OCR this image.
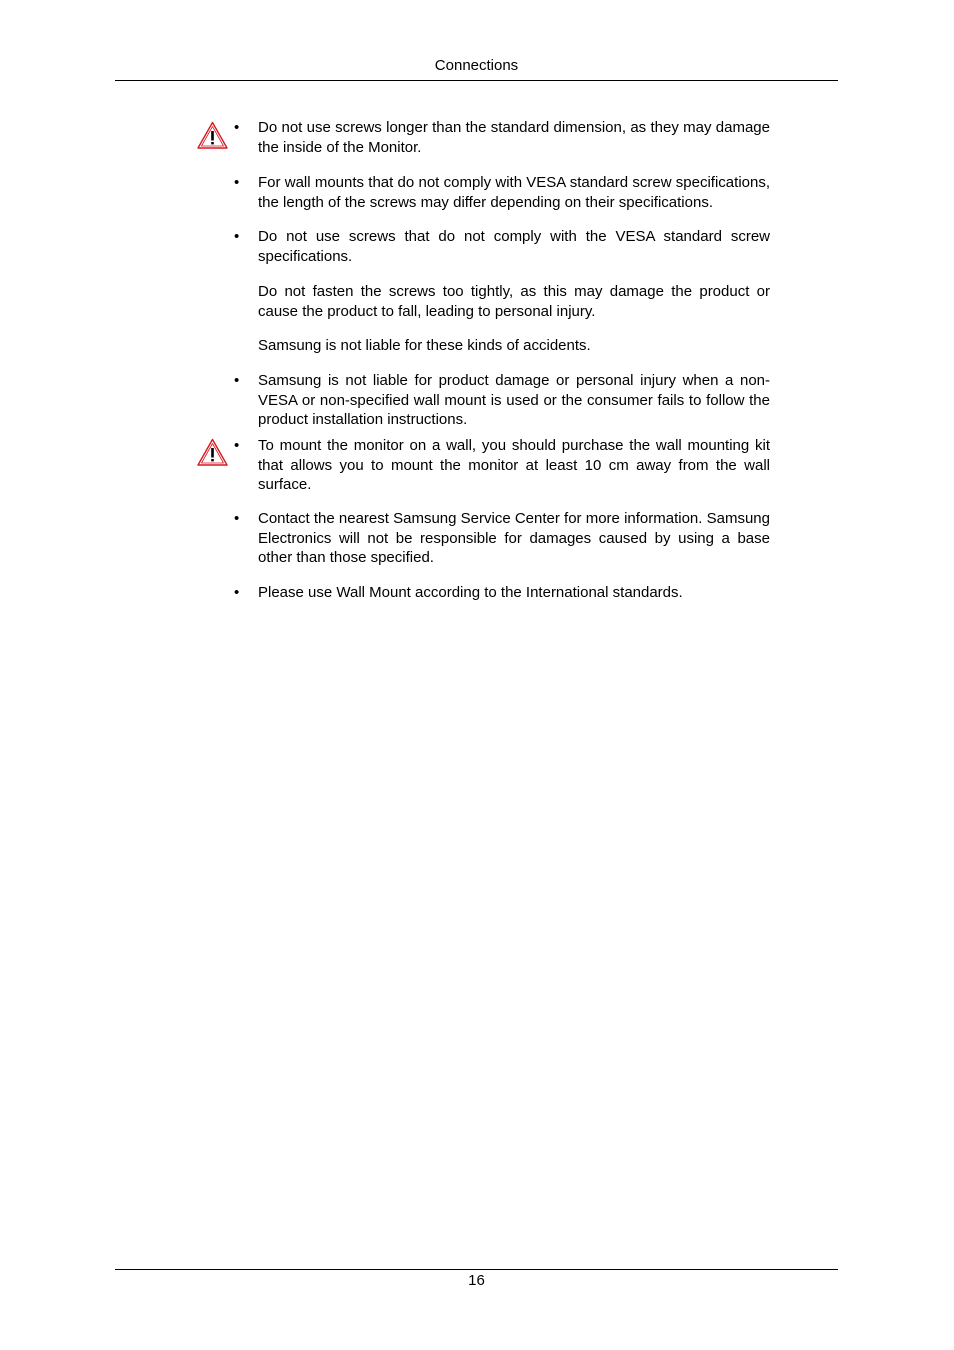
Connections
• Do not use screws longer than the standard dimension, as they may damage the inside of the Monitor.
• For wall mounts that do not comply with VESA standard screw specifications, the length of the screws may differ depending on their specifications.
• Do not use screws that do not comply with the VESA standard screw specifications.
Do not fasten the screws too tightly, as this may damage the product or cause the product to fall, leading to personal injury.
Samsung is not liable for these kinds of accidents.
• Samsung is not liable for product damage or personal injury when a non-VESA or non-specified wall mount is used or the consumer fails to follow the product installation instructions.
• To mount the monitor on a wall, you should purchase the wall mounting kit that allows you to mount the monitor at least 10 cm away from the wall surface.
• Contact the nearest Samsung Service Center for more information. Samsung Electronics will not be responsible for damages caused by using a base other than those specified.
• Please use Wall Mount according to the International standards.
16
